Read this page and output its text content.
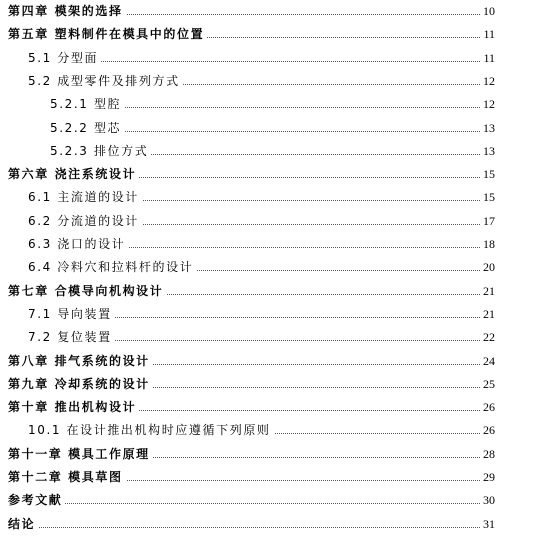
第四章 模架的选择	10
第五章 塑料制件在模具中的位置	11
5.1 分型面	11
5.2 成型零件及排列方式	12
5.2.1 型腔	12
5.2.2 型芯	13
5.2.3 排位方式	13
第六章 浇注系统设计	15
6.1 主流道的设计	15
6.2 分流道的设计	17
6.3 浇口的设计	18
6.4 冷料穴和拉料杆的设计	20
第七章 合模导向机构设计	21
7.1 导向装置	21
7.2 复位装置	22
第八章 排气系统的设计	24
第九章 冷却系统的设计	25
第十章 推出机构设计	26
10.1 在设计推出机构时应遵循下列原则	26
第十一章 模具工作原理	28
第十二章 模具草图	29
参考文献	30
结论	31
